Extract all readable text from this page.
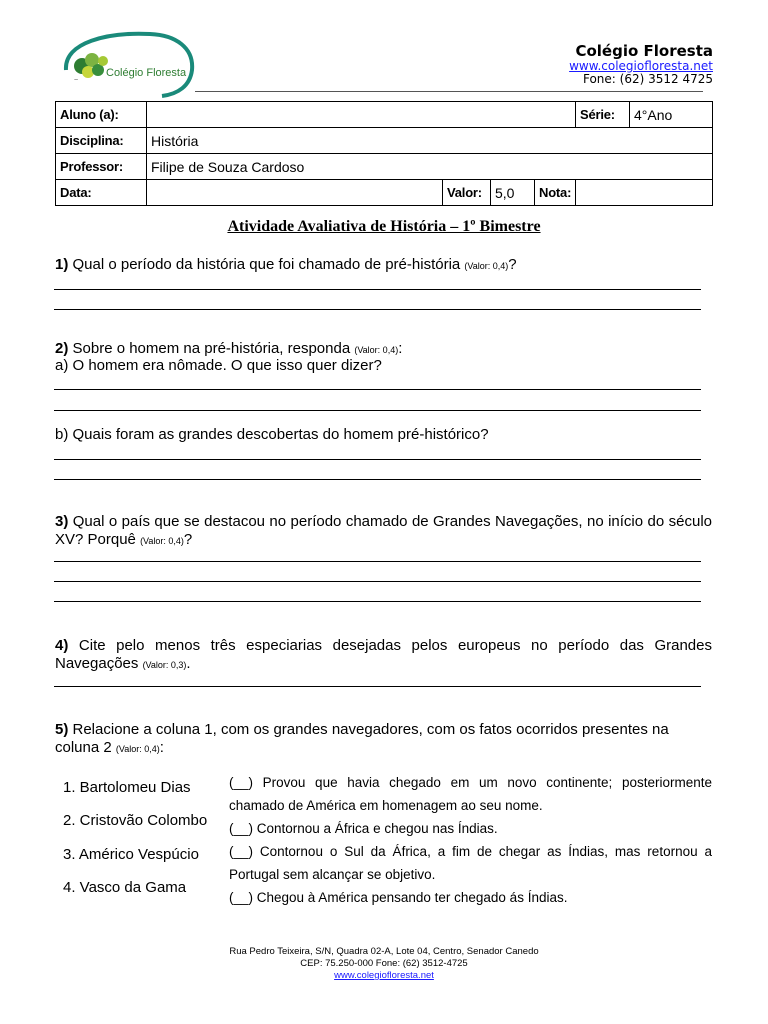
Colégio Floresta
~
Colégio Floresta
www.colegiofloresta.net
Fone: (62) 3512 4725
Aluno (a):					Série:	4°Ano
Disciplina:	História					
Professor:	Filipe de Souza Cardoso					
Data:		Valor:	5,0	Nota:		
Atividade Avaliativa de História – 1º Bimestre
1) Qual o período da história que foi chamado de pré-história (Valor: 0,4)?
2) Sobre o homem na pré-história, responda (Valor: 0,4):
a) O homem era nômade. O que isso quer dizer?
b) Quais foram as grandes descobertas do homem pré-histórico?
3) Qual o país que se destacou no período chamado de Grandes Navegações, no início do século XV? Porquê (Valor: 0,4)?
4) Cite pelo menos três especiarias desejadas pelos europeus no período das Grandes Navegações (Valor: 0,3).
5) Relacione a coluna 1, com os grandes navegadores, com os fatos ocorridos presentes na coluna 2 (Valor: 0,4):
1. Bartolomeu Dias
2. Cristovão Colombo
3. Américo Vespúcio
4. Vasco da Gama
(__) Provou que havia chegado em um novo continente; posteriormente chamado de América em homenagem ao seu nome.
(__) Contornou a África e chegou nas Índias.
(__) Contornou o Sul da África, a fim de chegar as Índias, mas retornou a Portugal sem alcançar se objetivo.
(__) Chegou à América pensando ter chegado ás Índias.
Rua Pedro Teixeira, S/N, Quadra 02-A, Lote 04, Centro, Senador Canedo
CEP: 75.250-000 Fone: (62) 3512-4725
www.colegiofloresta.net
